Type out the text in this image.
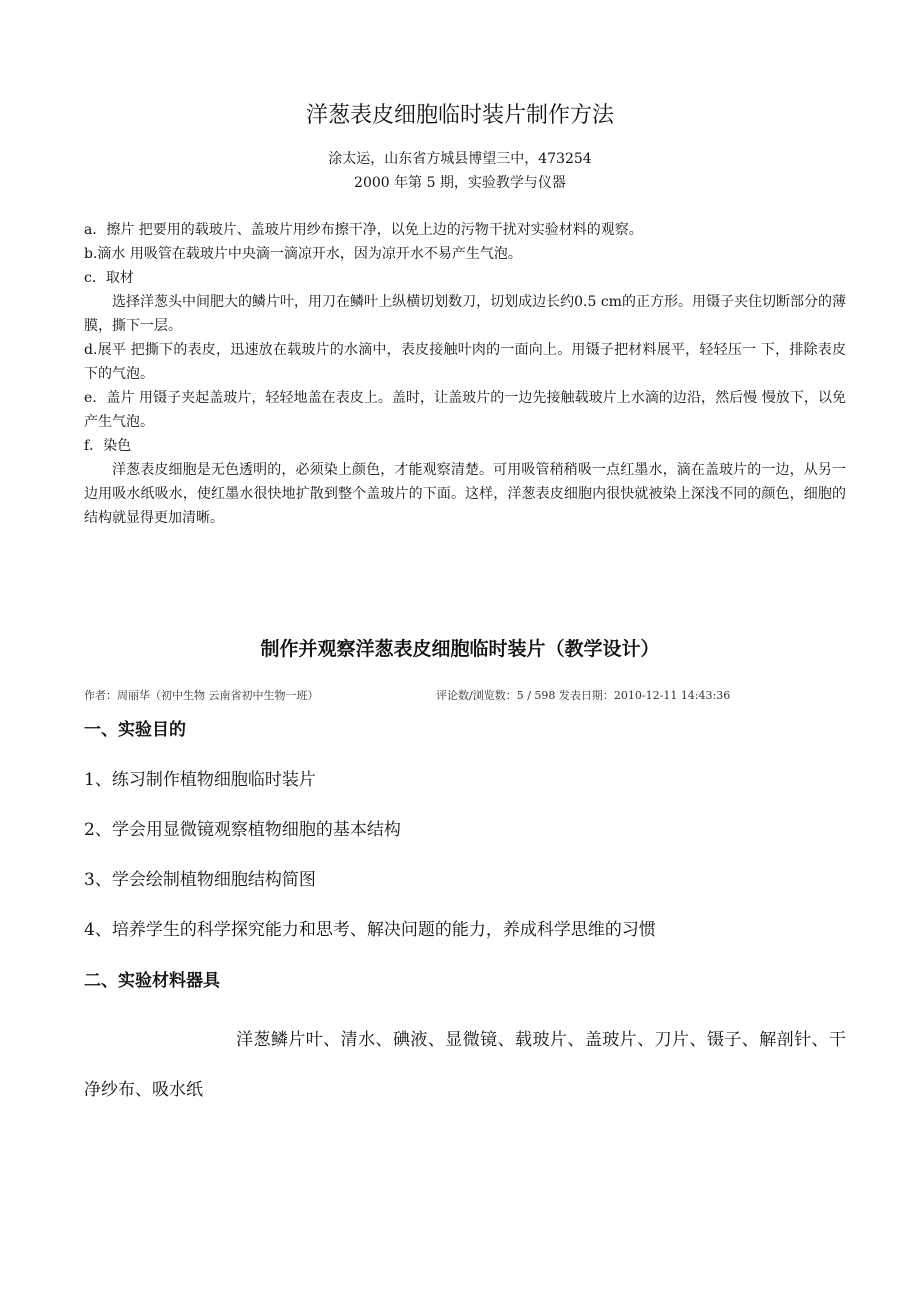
洋葱表皮细胞临时装片制作方法
涂太运，山东省方城县博望三中，473254
2000 年第 5 期，实验教学与仪器

a．擦片 把要用的载玻片、盖玻片用纱布擦干净，以免上边的污物干扰对实验材料的观察。

b.滴水 用吸管在载玻片中央滴一滴凉开水，因为凉开水不易产生气泡。

c．取材

选择洋葱头中间肥大的鳞片叶，用刀在鳞叶上纵横切划数刀，切划成边长约0.5 cm的正方形。用镊子夹住切断部分的薄膜，撕下一层。

d.展平 把撕下的表皮，迅速放在载玻片的水滴中，表皮接触叶肉的一面向上。用镊子把材料展平，轻轻压一 下，排除表皮下的气泡。

e．盖片 用镊子夹起盖玻片，轻轻地盖在表皮上。盖时，让盖玻片的一边先接触载玻片上水滴的边沿，然后慢 慢放下，以免产生气泡。

f．染色

洋葱表皮细胞是无色透明的，必须染上颜色，才能观察清楚。可用吸管稍稍吸一点红墨水，滴在盖玻片的一边，从另一边用吸水纸吸水，使红墨水很快地扩散到整个盖玻片的下面。这样，洋葱表皮细胞内很快就被染上深浅不同的颜色，细胞的结构就显得更加清晰。

制作并观察洋葱表皮细胞临时装片（教学设计）
作者：周丽华（初中生物 云南省初中生物一班）	评论数/浏览数：5 / 598 发表日期：2010-12-11 14:43:36
一、实验目的

1、练习制作植物细胞临时装片

2、学会用显微镜观察植物细胞的基本结构

3、学会绘制植物细胞结构简图

4、培养学生的科学探究能力和思考、解决问题的能力，养成科学思维的习惯

二、实验材料器具

洋葱鳞片叶、清水、碘液、显微镜、载玻片、盖玻片、刀片、镊子、解剖针、干净纱布、吸水纸
